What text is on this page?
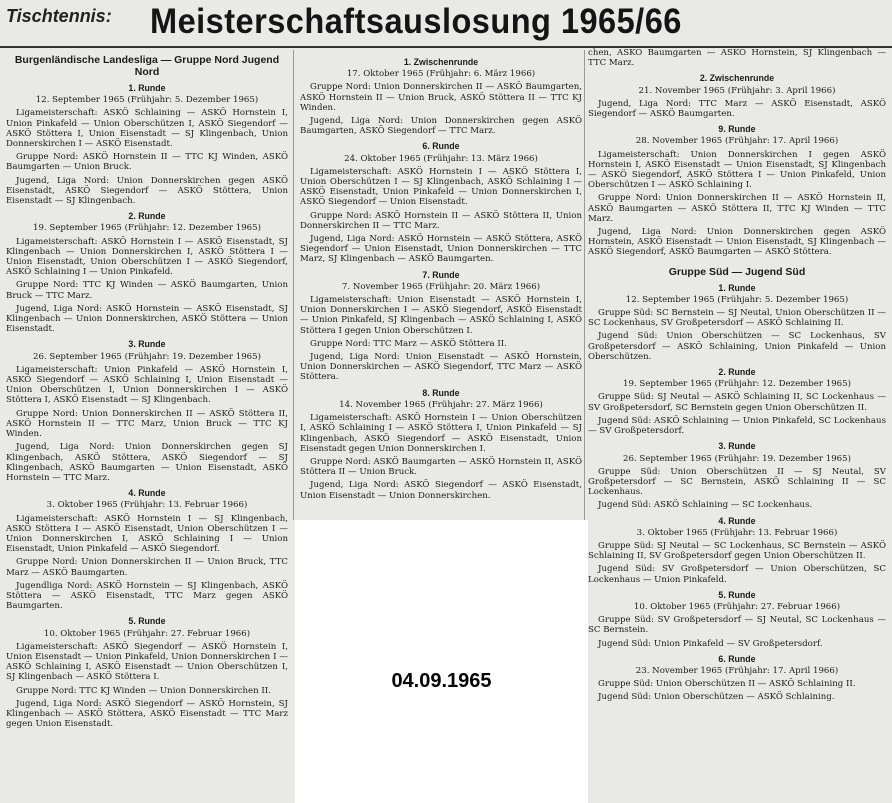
Tischtennis: Meisterschaftsauslosung 1965/66
Burgenländische Landesliga — Gruppe Nord Jugend Nord
1. Runde
12. September 1965 (Frühjahr: 5. Dezember 1965)

Ligameisterschaft: ASKÖ Schlaining — ASKÖ Hornstein I, Union Pinkafeld — Union Oberschützen I, ASKÖ Siegendorf — ASKÖ Stöttera I, Union Eisenstadt — SJ Klingenbach, Union Donnerskirchen I — ASKÖ Eisenstadt.

Gruppe Nord: ASKÖ Hornstein II — TTC KJ Winden, ASKÖ Baumgarten — Union Bruck.

Jugend, Liga Nord: Union Donnerskirchen gegen ASKÖ Eisenstadt, ASKÖ Siegendorf — ASKÖ Stöttera, Union Eisenstadt — SJ Klingenbach.

2. Runde
19. September 1965 (Frühjahr: 12. Dezember 1965)

Ligameisterschaft: ASKÖ Hornstein I — ASKÖ Eisenstadt, SJ Klingenbach — Union Donnerskirchen I, ASKÖ Stöttera I — Union Eisenstadt, Union Oberschützen I — ASKÖ Siegendorf, ASKÖ Schlaining I — Union Pinkafeld.

Gruppe Nord: TTC KJ Winden — ASKÖ Baumgarten, Union Bruck — TTC Marz.

Jugend, Liga Nord: ASKÖ Hornstein — ASKÖ Eisenstadt, SJ Klingenbach — Union Donnerskirchen, ASKÖ Stöttera — Union Eisenstadt.

3. Runde
26. September 1965 (Frühjahr: 19. Dezember 1965)

Ligameisterschaft: Union Pinkafeld — ASKÖ Hornstein I, ASKÖ Siegendorf — ASKÖ Schlaining I, Union Eisenstadt — Union Oberschützen I, Union Donnerskirchen I — ASKÖ Stöttera I, ASKÖ Eisenstadt — SJ Klingenbach.

Gruppe Nord: Union Donnerskirchen II — ASKÖ Stöttera II, ASKÖ Hornstein II — TTC Marz, Union Bruck — TTC KJ Winden.

Jugend, Liga Nord: Union Donnerskirchen gegen SJ Klingenbach, ASKÖ Stöttera, ASKÖ Siegendorf — SJ Klingenbach, ASKÖ Baumgarten — Union Eisenstadt, ASKÖ Hornstein — TTC Marz.

4. Runde
3. Oktober 1965 (Frühjahr: 13. Februar 1966)

Ligameisterschaft: ASKÖ Hornstein I — SJ Klingenbach, ASKÖ Stöttera I — ASKÖ Eisenstadt, Union Oberschützen I — Union Donnerskirchen I, ASKÖ Schlaining I — Union Eisenstadt, Union Pinkafeld — ASKÖ Siegendorf.

Gruppe Nord: Union Donnerskirchen II — Union Bruck, TTC Marz — ASKÖ Baumgarten.

Jugendliga Nord: ASKÖ Hornstein — SJ Klingenbach, ASKÖ Stöttera — ASKÖ Eisenstadt, TTC Marz gegen ASKÖ Baumgarten.

5. Runde
10. Oktober 1965 (Frühjahr: 27. Februar 1966)

Ligameisterschaft: ASKÖ Siegendorf — ASKÖ Hornstein I, Union Eisenstadt — Union Pinkafeld, Union Donnerskirchen I — ASKÖ Schlaining I, ASKÖ Eisenstadt — Union Oberschützen I, SJ Klingenbach — ASKÖ Stöttera I.

Gruppe Nord: TTC KJ Winden — Union Donnerskirchen II.

Jugend, Liga Nord: ASKÖ Siegendorf — ASKÖ Hornstein, SJ Klingenbach — ASKÖ Stöttera, ASKÖ Eisenstadt — TTC Marz gegen Union Eisenstadt.

1. Zwischenrunde
17. Oktober 1965 (Frühjahr: 6. März 1966)

Gruppe Nord: Union Donnerskirchen II — ASKÖ Baumgarten, ASKÖ Hornstein II — Union Bruck, ASKÖ Stöttera II — TTC KJ Winden.

Jugend, Liga Nord: Union Donnerskirchen gegen ASKÖ Baumgarten, ASKÖ Siegendorf — TTC Marz.

6. Runde
24. Oktober 1965 (Frühjahr: 13. März 1966)

Ligameisterschaft: ASKÖ Hornstein I — ASKÖ Stöttera I, Union Oberschützen I — SJ Klingenbach, ASKÖ Schlaining I — ASKÖ Eisenstadt, Union Pinkafeld — Union Donnerskirchen I, ASKÖ Siegendorf — Union Eisenstadt.

Gruppe Nord: ASKÖ Hornstein II — ASKÖ Stöttera II, Union Donnerskirchen II — TTC Marz.

Jugend, Liga Nord: ASKÖ Hornstein — ASKÖ Stöttera, ASKÖ Siegendorf — Union Eisenstadt, Union Donnerskirchen — TTC Marz, SJ Klingenbach — ASKÖ Baumgarten.

7. Runde
7. November 1965 (Frühjahr: 20. März 1966)

Ligameisterschaft: Union Eisenstadt — ASKÖ Hornstein I, Union Donnerskirchen I — ASKÖ Siegendorf, ASKÖ Eisenstadt — Union Pinkafeld, SJ Klingenbach — ASKÖ Schlaining I, ASKÖ Stöttera I gegen Union Oberschützen I.

Gruppe Nord: TTC Marz — ASKÖ Stöttera II.

Jugend, Liga Nord: Union Eisenstadt — ASKÖ Hornstein, Union Donnerskirchen — ASKÖ Siegendorf, TTC Marz — ASKÖ Stöttera.

8. Runde
14. November 1965 (Frühjahr: 27. März 1966)

Ligameisterschaft: ASKÖ Hornstein I — Union Oberschützen I, ASKÖ Schlaining I — ASKÖ Stöttera I, Union Pinkafeld — SJ Klingenbach, ASKÖ Siegendorf — ASKÖ Eisenstadt, Union Eisenstadt gegen Union Donnerskirchen I.

Gruppe Nord: ASKÖ Baumgarten — ASKÖ Hornstein II, ASKÖ Stöttera II — Union Bruck.

Jugend, Liga Nord: ASKÖ Siegendorf — ASKÖ Eisenstadt, Union Eisenstadt — Union Donnerskirchen.

chen, ASKÖ Baumgarten — ASKÖ Hornstein, SJ Klingenbach — TTC Marz.

2. Zwischenrunde
21. November 1965 (Frühjahr: 3. April 1966)

Jugend, Liga Nord: TTC Marz — ASKÖ Eisenstadt, ASKÖ Siegendorf — ASKÖ Baumgarten.

9. Runde
28. November 1965 (Frühjahr: 17. April 1966)

Ligameisterschaft: Union Donnerskirchen I gegen ASKÖ Hornstein I, ASKÖ Eisenstadt — Union Eisenstadt, SJ Klingenbach — ASKÖ Siegendorf, ASKÖ Stöttera I — Union Pinkafeld, Union Oberschützen I — ASKÖ Schlaining I.

Gruppe Nord: Union Donnerskirchen II — ASKÖ Hornstein II, ASKÖ Baumgarten — ASKÖ Stöttera II, TTC KJ Winden — TTC Marz.

Jugend, Liga Nord: Union Donnerskirchen gegen ASKÖ Hornstein, ASKÖ Eisenstadt — Union Eisenstadt, SJ Klingenbach — ASKÖ Siegendorf, ASKÖ Baumgarten — ASKÖ Stöttera.

Gruppe Süd — Jugend Süd
1. Runde
12. September 1965 (Frühjahr: 5. Dezember 1965)

Gruppe Süd: SC Bernstein — SJ Neutal, Union Oberschützen II — SC Lockenhaus, SV Großpetersdorf — ASKÖ Schlaining II.

Jugend Süd: Union Oberschützen — SC Lockenhaus, SV Großpetersdorf — ASKÖ Schlaining, Union Pinkafeld — Union Oberschützen.

2. Runde
19. September 1965 (Frühjahr: 12. Dezember 1965)

Gruppe Süd: SJ Neutal — ASKÖ Schlaining II, SC Lockenhaus — SV Großpetersdorf, SC Bernstein gegen Union Oberschützen II.

Jugend Süd: ASKÖ Schlaining — Union Pinkafeld, SC Lockenhaus — SV Großpetersdorf.

3. Runde
26. September 1965 (Frühjahr: 19. Dezember 1965)

Gruppe Süd: Union Oberschützen II — SJ Neutal, SV Großpetersdorf — SC Bernstein, ASKÖ Schlaining II — SC Lockenhaus.

Jugend Süd: ASKÖ Schlaining — SC Lockenhaus.

4. Runde
3. Oktober 1965 (Frühjahr: 13. Februar 1966)

Gruppe Süd: SJ Neutal — SC Lockenhaus, SC Bernstein — ASKÖ Schlaining II, SV Großpetersdorf gegen Union Oberschützen II.

Jugend Süd: SV Großpetersdorf — Union Oberschützen, SC Lockenhaus — Union Pinkafeld.

5. Runde
10. Oktober 1965 (Frühjahr: 27. Februar 1966)

Gruppe Süd: SV Großpetersdorf — SJ Neutal, SC Lockenhaus — SC Bernstein.

Jugend Süd: Union Pinkafeld — SV Großpetersdorf.

6. Runde
23. November 1965 (Frühjahr: 17. April 1966)

Gruppe Süd: Union Oberschützen II — ASKÖ Schlaining II.

Jugend Süd: Union Oberschützen — ASKÖ Schlaining.

04.09.1965
